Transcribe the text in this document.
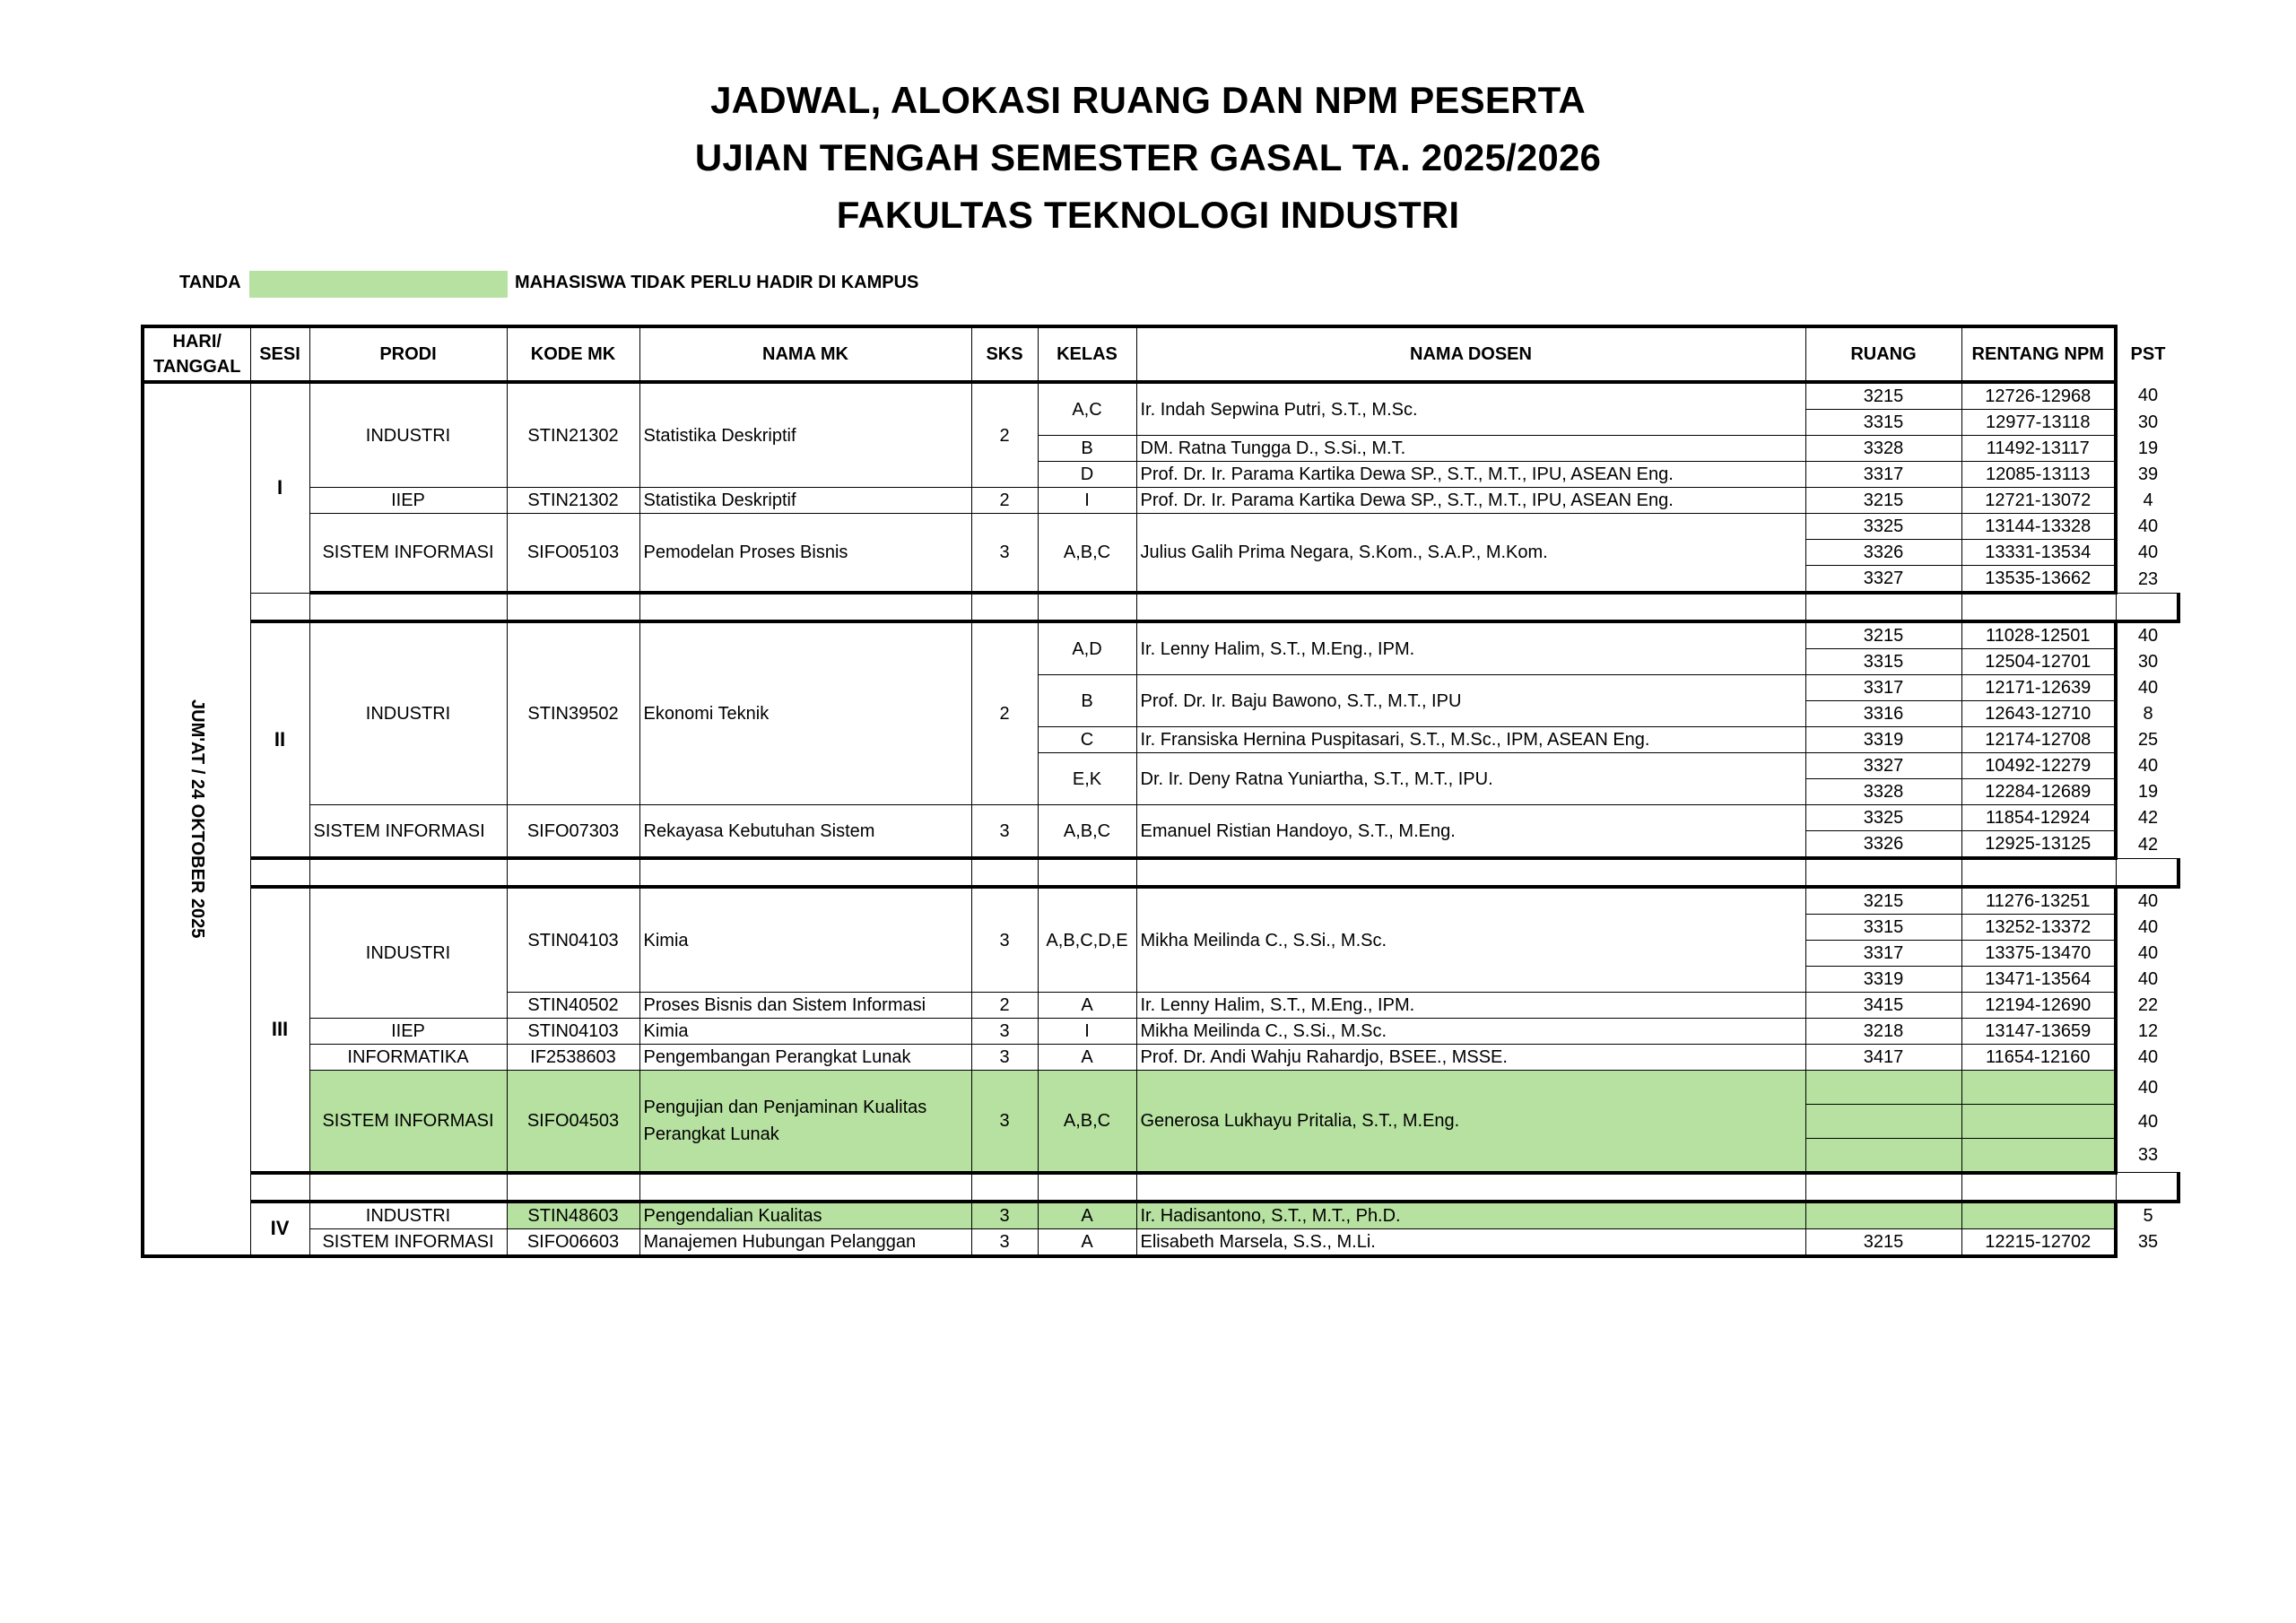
JADWAL, ALOKASI RUANG DAN NPM PESERTA
UJIAN TENGAH SEMESTER GASAL TA. 2025/2026
FAKULTAS TEKNOLOGI INDUSTRI
TANDA	MAHASISWA TIDAK PERLU HADIR DI KAMPUS
HARI/ TANGGAL	SESI	PRODI	KODE MK	NAMA MK	SKS	KELAS	NAMA DOSEN	RUANG	RENTANG NPM	PST	
JUM'AT / 24 OKTOBER 2025	I	INDUSTRI	STIN21302	Statistika Deskriptif	2	A,C	Ir. Indah Sepwina Putri, S.T., M.Sc.	3215	12726-12968	40	
								3315	12977-13118	30	
						B	DM. Ratna Tungga D., S.Si., M.T.	3328	11492-13117	19	
						D	Prof. Dr. Ir. Parama Kartika Dewa SP., S.T., M.T., IPU, ASEAN Eng.	3317	12085-13113	39	
		IIEP	STIN21302	Statistika Deskriptif	2	I	Prof. Dr. Ir. Parama Kartika Dewa SP., S.T., M.T., IPU, ASEAN Eng.	3215	12721-13072	4	
		SISTEM INFORMASI	SIFO05103	Pemodelan Proses Bisnis	3	A,B,C	Julius Galih Prima Negara, S.Kom., S.A.P., M.Kom.	3325	13144-13328	40	
								3326	13331-13534	40	
								3327	13535-13662	23	

	II	INDUSTRI	STIN39502	Ekonomi Teknik	2	A,D	Ir. Lenny Halim, S.T., M.Eng., IPM.	3215	11028-12501	40	
								3315	12504-12701	30	
						B	Prof. Dr. Ir. Baju Bawono, S.T., M.T., IPU	3317	12171-12639	40	
								3316	12643-12710	8	
						C	Ir. Fransiska Hernina Puspitasari, S.T., M.Sc., IPM, ASEAN Eng.	3319	12174-12708	25	
						E,K	Dr. Ir. Deny Ratna Yuniartha, S.T., M.T., IPU.	3327	10492-12279	40	
								3328	12284-12689	19	
		SISTEM INFORMASI	SIFO07303	Rekayasa Kebutuhan Sistem	3	A,B,C	Emanuel Ristian Handoyo, S.T., M.Eng.	3325	11854-12924	42	
								3326	12925-13125	42	

	III	INDUSTRI	STIN04103	Kimia	3	A,B,C,D,E	Mikha Meilinda C., S.Si., M.Sc.	3215	11276-13251	40	
								3315	13252-13372	40	
								3317	13375-13470	40	
								3319	13471-13564	40	
			STIN40502	Proses Bisnis dan Sistem Informasi	2	A	Ir. Lenny Halim, S.T., M.Eng., IPM.	3415	12194-12690	22	
		IIEP	STIN04103	Kimia	3	I	Mikha Meilinda C., S.Si., M.Sc.	3218	13147-13659	12	
		INFORMATIKA	IF2538603	Pengembangan Perangkat Lunak	3	A	Prof. Dr. Andi Wahju Rahardjo, BSEE., MSSE.	3417	11654-12160	40	
		SISTEM INFORMASI	SIFO04503	Pengujian dan Penjaminan Kualitas Perangkat Lunak	3	A,B,C	Generosa Lukhayu Pritalia, S.T., M.Eng.			40	
										40	
										33	

	IV	INDUSTRI	STIN48603	Pengendalian Kualitas	3	A	Ir. Hadisantono, S.T., M.T., Ph.D.			5	
		SISTEM INFORMASI	SIFO06603	Manajemen Hubungan Pelanggan	3	A	Elisabeth Marsela, S.S., M.Li.	3215	12215-12702	35	
